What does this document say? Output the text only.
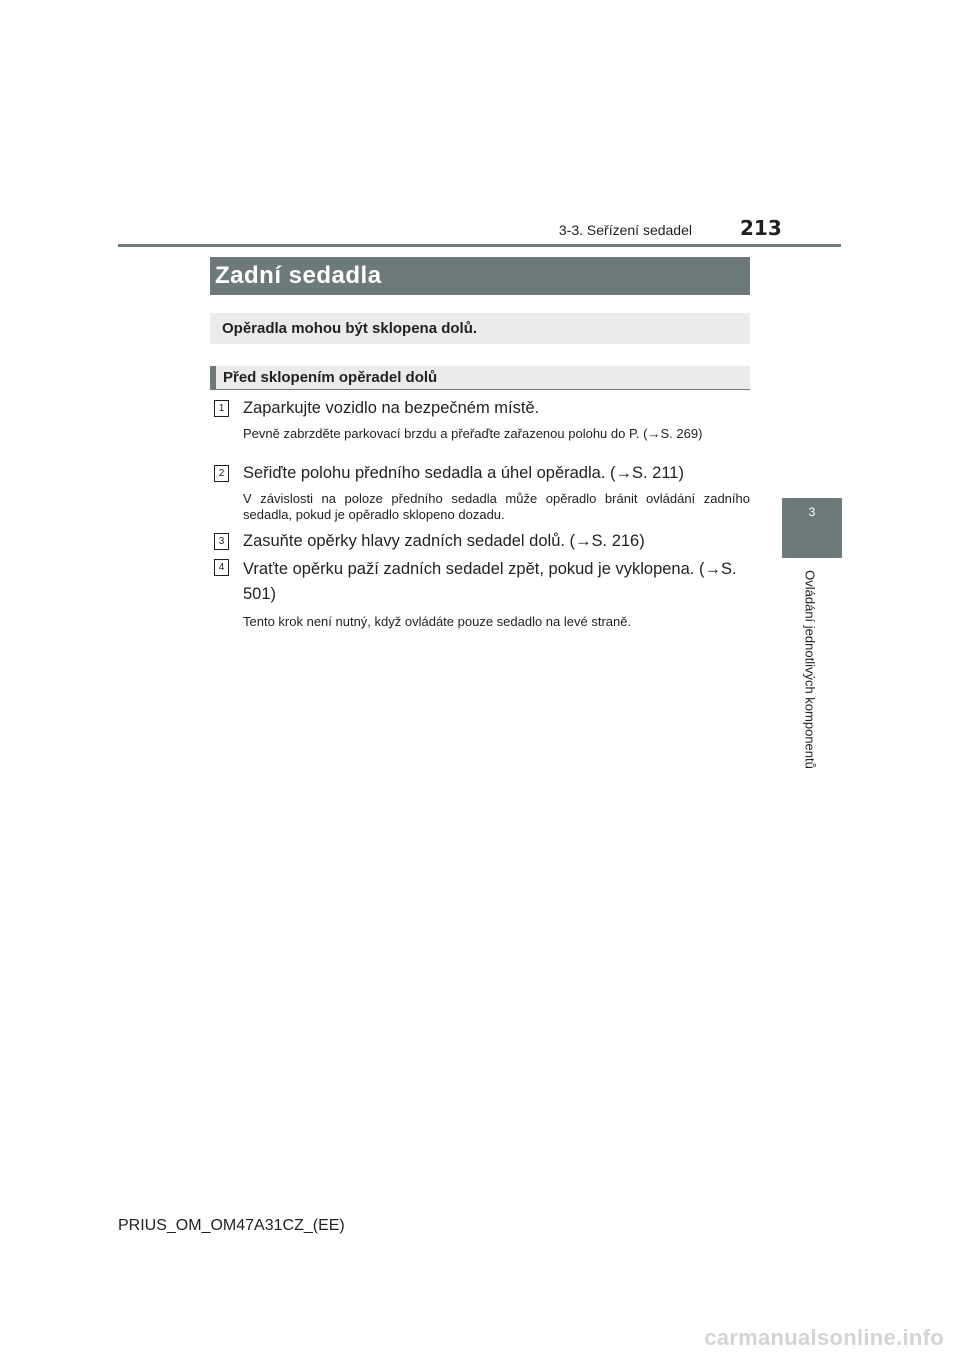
3-3. Seřízení sedadel 213
3
Ovládání jednotlivých komponentů
Zadní sedadla
Opěradla mohou být sklopena dolů.
Před sklopením opěradel dolů
1 Zaparkujte vozidlo na bezpečném místě.
Pevně zabrzděte parkovací brzdu a přeřaďte zařazenou polohu do P. (→S. 269)
2 Seřiďte polohu předního sedadla a úhel opěradla. (→S. 211)
V závislosti na poloze předního sedadla může opěradlo bránit ovládání zadního sedadla, pokud je opěradlo sklopeno dozadu.
3 Zasuňte opěrky hlavy zadních sedadel dolů. (→S. 216)
4 Vraťte opěrku paží zadních sedadel zpět, pokud je vyklopena. (→S. 501)
Tento krok není nutný, když ovládáte pouze sedadlo na levé straně.
PRIUS_OM_OM47A31CZ_(EE)
carmanualsonline.info
